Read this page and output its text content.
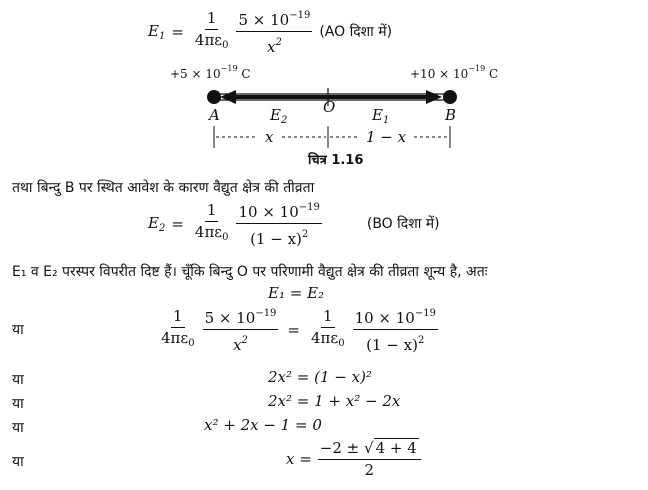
$E_1 = \frac{1}{4\pi\varepsilon_0} \frac{5 \times 10^{-19}}{x^2} (AO$ दिशा में)
$+5 \times 10^{-19}$ C	$+10 \times 10^{-19}$ C
A	$E_2$
O $E_1$	B
x	1 − x
चित्र 1.16
तथा बिन्दु B पर स्थित आवेश के कारण वैद्युत क्षेत्र की तीव्रता
$E_2 = \frac{1}{4\pi\varepsilon_0} \frac{10 \times 10^{-19}}{(1 - x)^2}$	(BO दिशा में)
E₁ व E₂ परस्पर विपरीत दिष्ट हैं। चूँकि बिन्दु O पर परिणामी वैद्युत क्षेत्र की तीव्रता शून्य है, अतः
E₁ = E₂
या	$\frac{1}{4\pi\varepsilon_0} \frac{5 \times 10^{-19}}{x^2} = \frac{1}{4\pi\varepsilon_0} \frac{10 \times 10^{-19}}{(1 - x)^2}$
या	2x² = (1 − x)²
या	2x² = 1 + x² − 2x
या	x² + 2x − 1 = 0
या	$x = \frac{-2 \pm √ 4 + 4}{2}$
